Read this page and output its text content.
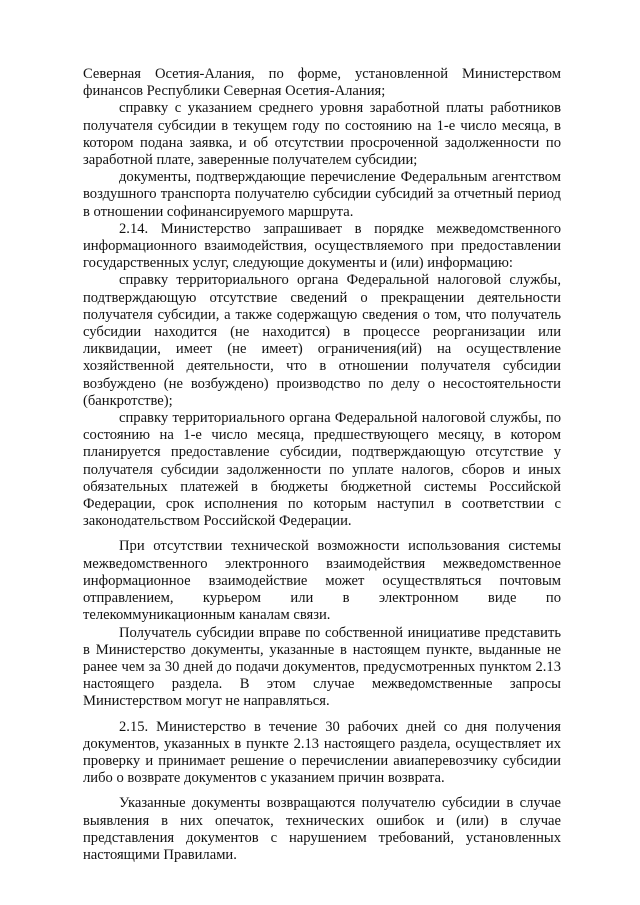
Северная Осетия-Алания, по форме, установленной Министерством финансов Республики Северная Осетия-Алания;

справку с указанием среднего уровня заработной платы работников получателя субсидии в текущем году по состоянию на 1-е число месяца, в котором подана заявка, и об отсутствии просроченной задолженности по заработной плате, заверенные получателем субсидии;

документы, подтверждающие перечисление Федеральным агентством воздушного транспорта получателю субсидии субсидий за отчетный период в отношении софинансируемого маршрута.

2.14. Министерство запрашивает в порядке межведомственного информационного взаимодействия, осуществляемого при предоставлении государственных услуг, следующие документы и (или) информацию:

справку территориального органа Федеральной налоговой службы, подтверждающую отсутствие сведений о прекращении деятельности получателя субсидии, а также содержащую сведения о том, что получатель субсидии находится (не находится) в процессе реорганизации или ликвидации, имеет (не имеет) ограничения(ий) на осуществление хозяйственной деятельности, что в отношении получателя субсидии возбуждено (не возбуждено) производство по делу о несостоятельности (банкротстве);

справку территориального органа Федеральной налоговой службы, по состоянию на 1-е число месяца, предшествующего месяцу, в котором планируется предоставление субсидии, подтверждающую отсутствие у получателя субсидии задолженности по уплате налогов, сборов и иных обязательных платежей в бюджеты бюджетной системы Российской Федерации, срок исполнения по которым наступил в соответствии с законодательством Российской Федерации.

При отсутствии технической возможности использования системы межведомственного электронного взаимодействия межведомственное информационное взаимодействие может осуществляться почтовым отправлением, курьером или в электронном виде по телекоммуникационным каналам связи.

Получатель субсидии вправе по собственной инициативе представить в Министерство документы, указанные в настоящем пункте, выданные не ранее чем за 30 дней до подачи документов, предусмотренных пунктом 2.13 настоящего раздела. В этом случае межведомственные запросы Министерством могут не направляться.

2.15. Министерство в течение 30 рабочих дней со дня получения документов, указанных в пункте 2.13 настоящего раздела, осуществляет их проверку и принимает решение о перечислении авиаперевозчику субсидии либо о возврате документов с указанием причин возврата.

Указанные документы возвращаются получателю субсидии в случае выявления в них опечаток, технических ошибок и (или) в случае представления документов с нарушением требований, установленных настоящими Правилами.
